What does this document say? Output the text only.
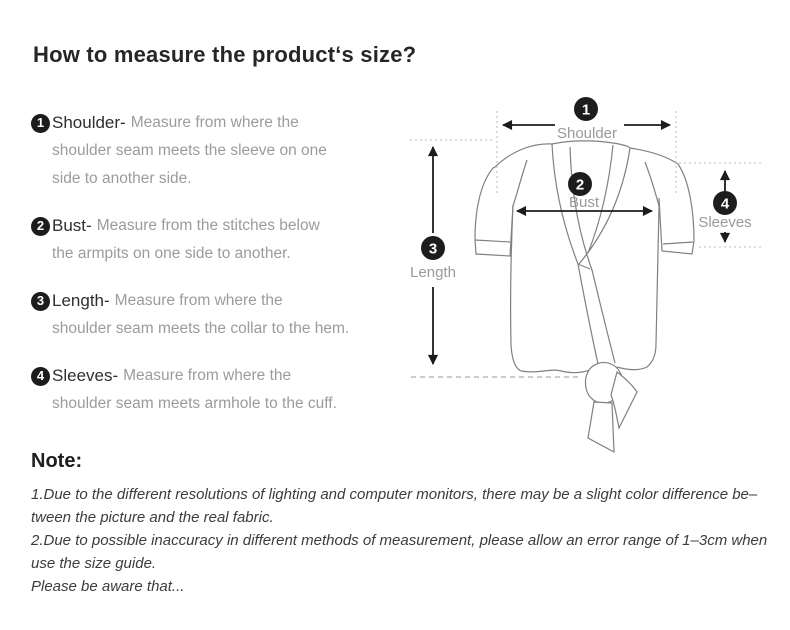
How to measure the product‘s size?
1 Shoulder- Measure from where the
shoulder seam meets the sleeve on one
side to another side.
2 Bust- Measure from the stitches below
the armpits on one side to another.
3 Length- Measure from where the
shoulder seam meets the collar to the hem.
4 Sleeves- Measure from where the
shoulder seam meets armhole to the cuff.
1
Shoulder
2
Bust
3
Length
4
Sleeves
Note:
1.Due to the different resolutions of lighting and computer monitors, there may be a slight color difference be–
tween the picture and the real fabric.
2.Due to possible inaccuracy in different methods of measurement, please allow an error range of 1–3cm when
use the size guide.
Please be aware that...
